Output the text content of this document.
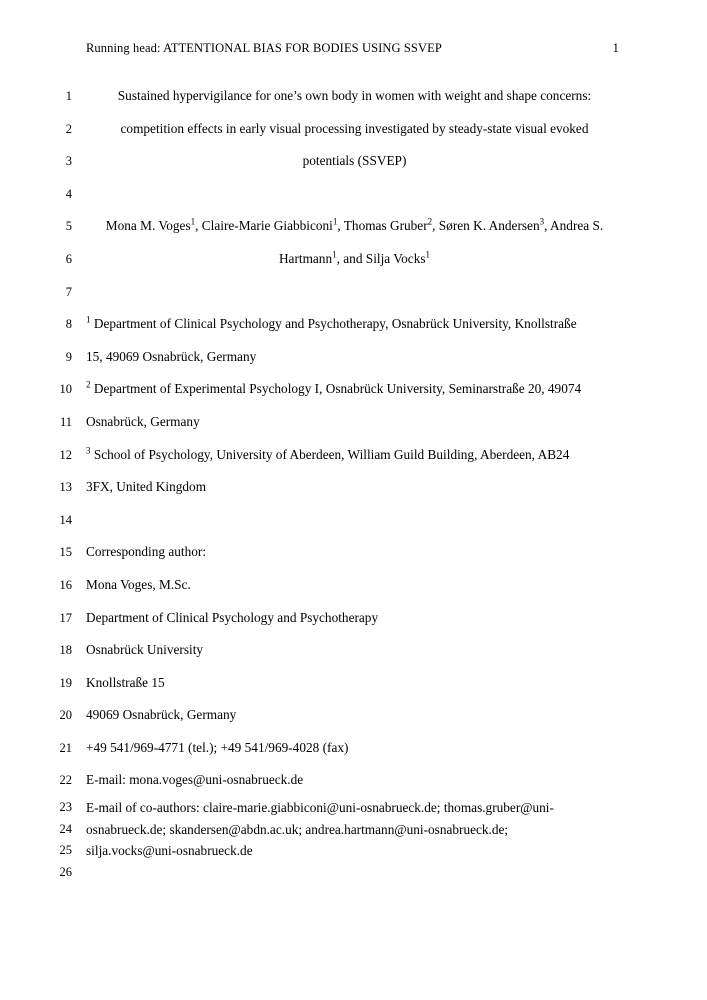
Running head: ATTENTIONAL BIAS FOR BODIES USING SSVEP	1
1	Sustained hypervigilance for one’s own body in women with weight and shape concerns:
2	competition effects in early visual processing investigated by steady-state visual evoked
3	potentials (SSVEP)
4
5	Mona M. Voges$^1$, Claire-Marie Giabbiconi$^1$, Thomas Gruber$^2$, Søren K. Andersen$^3$, Andrea S.
6	Hartmann$^1$, and Silja Vocks$^1$
7
8 $^1$ Department of Clinical Psychology and Psychotherapy, Osnabrück University, Knollstraße
9 15, 49069 Osnabrück, Germany
10 $^2$ Department of Experimental Psychology I, Osnabrück University, Seminarstraße 20, 49074
11 Osnabrück, Germany
12 $^3$ School of Psychology, University of Aberdeen, William Guild Building, Aberdeen, AB24
13 3FX, United Kingdom
14
15 Corresponding author:
16 Mona Voges, M.Sc.
17 Department of Clinical Psychology and Psychotherapy
18 Osnabrück University
19 Knollstraße 15
20 49069 Osnabrück, Germany
21 +49 541/969-4771 (tel.); +49 541/969-4028 (fax)
22 E-mail: mona.voges@uni-osnabrueck.de
23 E-mail of co-authors: claire-marie.giabbiconi@uni-osnabrueck.de; thomas.gruber@uni-
24 osnabrueck.de; skandersen@abdn.ac.uk; andrea.hartmann@uni-osnabrueck.de;
25 silja.vocks@uni-osnabrueck.de
26
